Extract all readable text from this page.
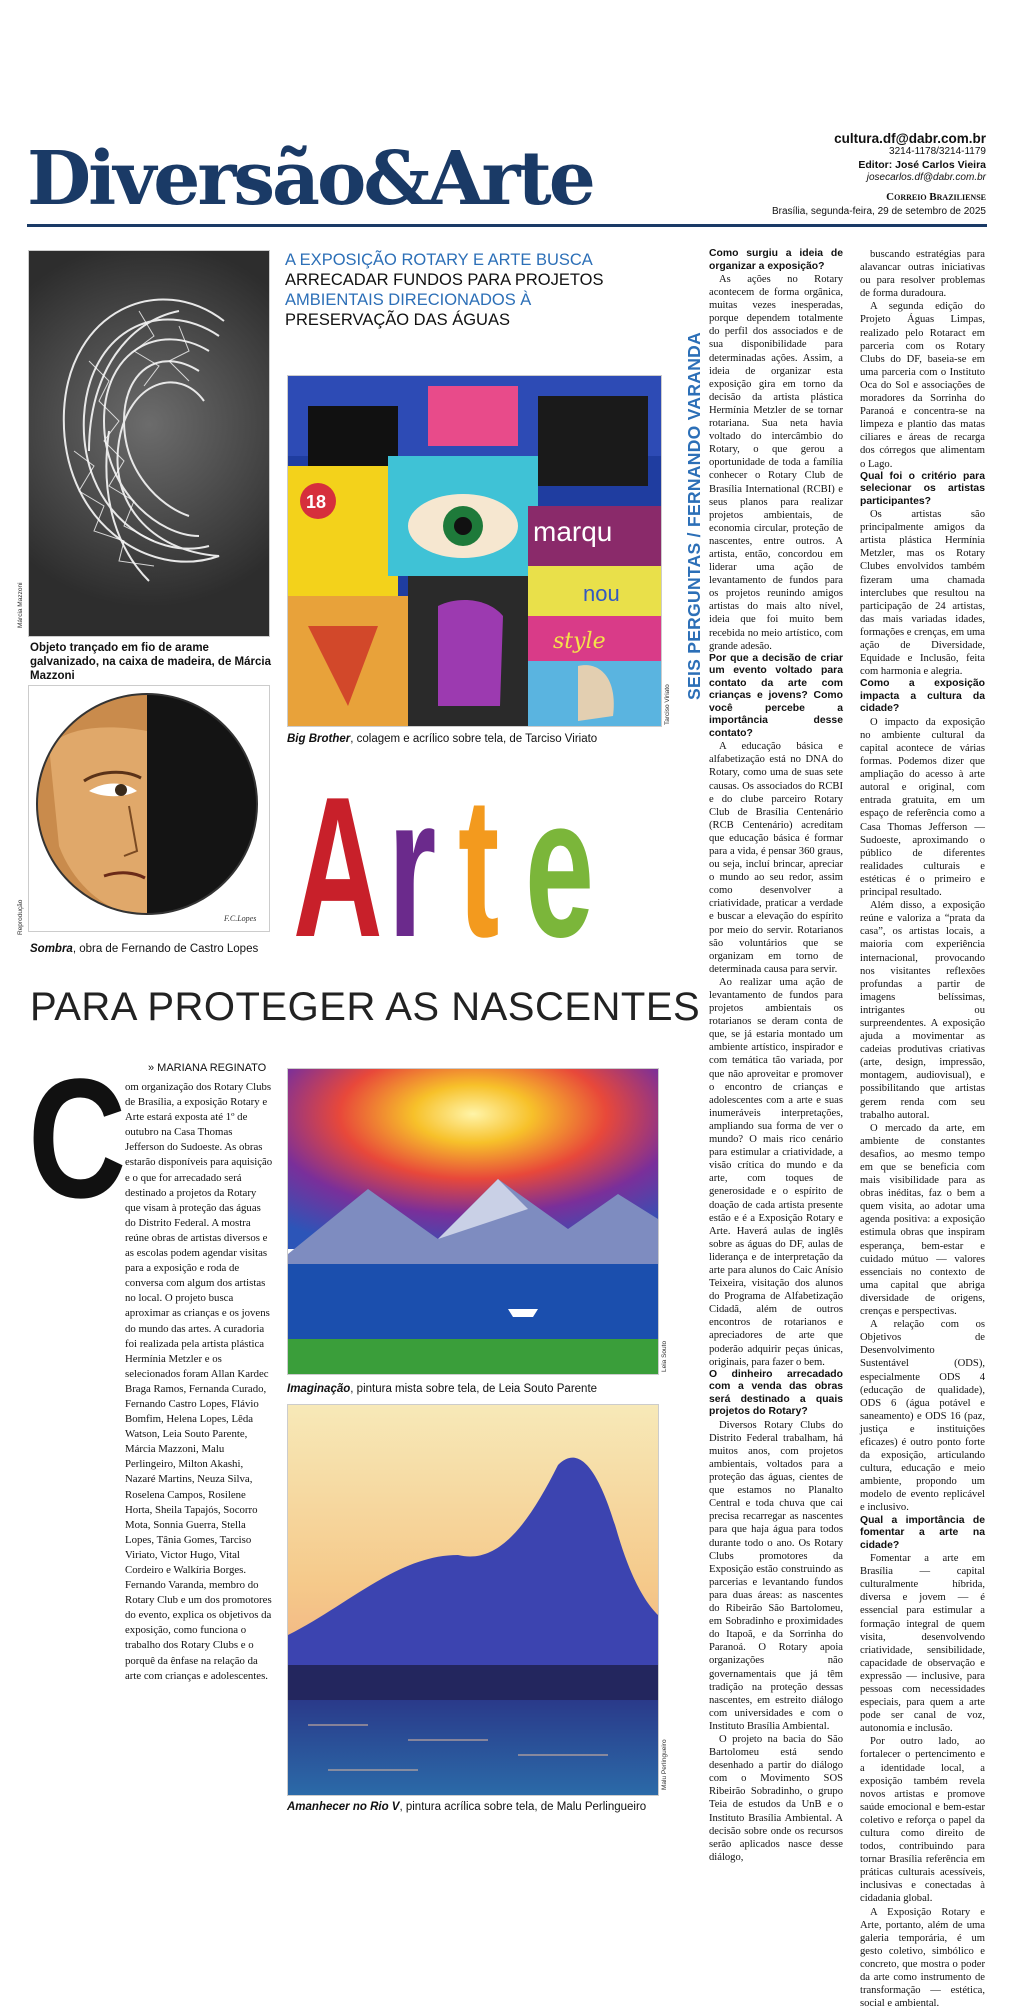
Diversão&Arte	cultura.df@dabr.com.br
3214-1178/3214-1179
Editor: José Carlos Vieira
josecarlos.df@dabr.com.br
Correio Braziliense
Brasília, segunda-feira, 29 de setembro de 2025
Márcia Mazzoni
Objeto trançado em fio de arame galvanizado, na caixa de madeira, de Márcia Mazzoni
F.C.Lopes
Reprodução
Sombra, obra de Fernando de Castro Lopes
A EXPOSIÇÃO ROTARY E ARTE BUSCA
ARRECADAR FUNDOS PARA PROJETOS
AMBIENTAIS DIRECIONADOS À
PRESERVAÇÃO DAS ÁGUAS
18
marqu
nou
style
Tarciso Viriato
Big Brother, colagem e acrílico sobre tela, de Tarciso Viriato
A r t e
PARA PROTEGER AS NASCENTES
SEIS PERGUNTAS / FERNANDO VARANDA
» MARIANA REGINATO
C
om organização dos Rotary Clubs de Brasília, a exposição Rotary e Arte estará exposta até 1º de outubro na Casa Thomas Jefferson do Sudoeste. As obras estarão disponíveis para aquisição e o que for arrecadado será destinado a projetos da Rotary que visam à proteção das águas do Distrito Federal. A mostra reúne obras de artistas diversos e as escolas podem agendar visitas para a exposição e roda de conversa com algum dos artistas no local. O projeto busca aproximar as crianças e os jovens do mundo das artes. A curadoria foi realizada pela artista plástica Hermínia Metzler e os selecionados foram Allan Kardec Braga Ramos, Fernanda Curado, Fernando Castro Lopes, Flávio Bomfim, Helena Lopes, Lêda Watson, Leia Souto Parente, Márcia Mazzoni, Malu Perlingeiro, Milton Akashi, Nazaré Martins, Neuza Silva, Roselena Campos, Rosilene Horta, Sheila Tapajós, Socorro Mota, Sonnia Guerra, Stella Lopes, Tânia Gomes, Tarciso Viriato, Victor Hugo, Vital Cordeiro e Walkíria Borges. Fernando Varanda, membro do Rotary Club e um dos promotores do evento, explica os objetivos da exposição, como funciona o trabalho dos Rotary Clubs e o porquê da ênfase na relação da arte com crianças e adolescentes.
Leia Souto
Imaginação, pintura mista sobre tela, de Leia Souto Parente
Malu Perlingueiro
Amanhecer no Rio V, pintura acrílica sobre tela, de Malu Perlingueiro

Como surgiu a ideia de organizar a exposição?

As ações no Rotary acontecem de forma orgânica, muitas vezes inesperadas, porque dependem totalmente do perfil dos associados e de sua disponibilidade para determinadas ações. Assim, a ideia de organizar esta exposição gira em torno da decisão da artista plástica Hermínia Metzler de se tornar rotariana. Sua neta havia voltado do intercâmbio do Rotary, o que gerou a oportunidade de toda a família conhecer o Rotary Club de Brasília International (RCBI) e seus planos para realizar projetos ambientais, de economia circular, proteção de nascentes, entre outros. A artista, então, concordou em liderar uma ação de levantamento de fundos para os projetos reunindo amigos artistas do mais alto nível, ideia que foi muito bem recebida no meio artístico, com grande adesão.

Por que a decisão de criar um evento voltado para contato da arte com crianças e jovens? Como você percebe a importância desse contato?

A educação básica e alfabetização está no DNA do Rotary, como uma de suas sete causas. Os associados do RCBI e do clube parceiro Rotary Club de Brasília Centenário (RCB Centenário) acreditam que educação básica é formar para a vida, é pensar 360 graus, ou seja, incluí brincar, apreciar o mundo ao seu redor, assim como desenvolver a criatividade, praticar a verdade e buscar a elevação do espírito por meio do servir. Rotarianos são voluntários que se organizam em torno de determinada causa para servir.

Ao realizar uma ação de levantamento de fundos para projetos ambientais os rotarianos se deram conta de que, se já estaria montado um ambiente artístico, inspirador e com temática tão variada, por que não aproveitar e promover o encontro de crianças e adolescentes com a arte e suas inumeráveis interpretações, ampliando sua forma de ver o mundo? O mais rico cenário para estimular a criatividade, a visão crítica do mundo e da arte, com toques de generosidade e o espírito de doação de cada artista presente estão e é a Exposição Rotary e Arte. Haverá aulas de inglês sobre as águas do DF, aulas de liderança e de interpretação da arte para alunos do Caic Anísio Teixeira, visitação dos alunos do Programa de Alfabetização Cidadã, além de outros encontros de rotarianos e apreciadores de arte que poderão adquirir peças únicas, originais, para fazer o bem.

O dinheiro arrecadado com a venda das obras será destinado a quais projetos do Rotary?

Diversos Rotary Clubs do Distrito Federal trabalham, há muitos anos, com projetos ambientais, voltados para a proteção das águas, cientes de que estamos no Planalto Central e toda chuva que cai precisa recarregar as nascentes para que haja água para todos durante todo o ano. Os Rotary Clubs promotores da Exposição estão construindo as parcerias e levantando fundos para duas áreas: as nascentes do Ribeirão São Bartolomeu, em Sobradinho e proximidades do Itapoã, e da Sorrinha do Paranoá. O Rotary apoia organizações não governamentais que já têm tradição na proteção dessas nascentes, em estreito diálogo com universidades e com o Instituto Brasília Ambiental.

O projeto na bacia do São Bartolomeu está sendo desenhado a partir do diálogo com o Movimento SOS Ribeirão Sobradinho, o grupo Teia de estudos da UnB e o Instituto Brasília Ambiental. A decisão sobre onde os recursos serão aplicados nasce desse diálogo,

buscando estratégias para alavancar outras iniciativas ou para resolver problemas de forma duradoura.

A segunda edição do Projeto Águas Limpas, realizado pelo Rotaract em parceria com os Rotary Clubs do DF, baseia-se em uma parceria com o Instituto Oca do Sol e associações de moradores da Sorrinha do Paranoá e concentra-se na limpeza e plantio das matas ciliares e áreas de recarga dos córregos que alimentam o Lago.

Qual foi o critério para selecionar os artistas participantes?

Os artistas são principalmente amigos da artista plástica Hermínia Metzler, mas os Rotary Clubes envolvidos também fizeram uma chamada interclubes que resultou na participação de 24 artistas, das mais variadas idades, formações e crenças, em uma ação de Diversidade, Equidade e Inclusão, feita com harmonia e alegria.

Como a exposição impacta a cultura da cidade?

O impacto da exposição no ambiente cultural da capital acontece de várias formas. Podemos dizer que ampliação do acesso à arte autoral e original, com entrada gratuita, em um espaço de referência como a Casa Thomas Jefferson — Sudoeste, aproximando o público de diferentes realidades culturais e estéticas é o primeiro e principal resultado.

Além disso, a exposição reúne e valoriza a “prata da casa”, os artistas locais, a maioria com experiência internacional, provocando nos visitantes reflexões profundas a partir de imagens belíssimas, intrigantes ou surpreendentes. A exposição ajuda a movimentar as cadeias produtivas criativas (arte, design, impressão, montagem, audiovisual), e possibilitando que artistas gerem renda com seu trabalho autoral.

O mercado da arte, em ambiente de constantes desafios, ao mesmo tempo em que se beneficia com mais visibilidade para as obras inéditas, faz o bem a quem visita, ao adotar uma agenda positiva: a exposição estimula obras que inspiram esperança, bem-estar e cuidado mútuo — valores essenciais no contexto de uma capital que abriga diversidade de origens, crenças e perspectivas.

A relação com os Objetivos de Desenvolvimento Sustentável (ODS), especialmente ODS 4 (educação de qualidade), ODS 6 (água potável e saneamento) e ODS 16 (paz, justiça e instituições eficazes) é outro ponto forte da exposição, articulando cultura, educação e meio ambiente, propondo um modelo de evento replicável e inclusivo.

Qual a importância de fomentar a arte na cidade?

Fomentar a arte em Brasília — capital culturalmente híbrida, diversa e jovem — é essencial para estimular a formação integral de quem visita, desenvolvendo criatividade, sensibilidade, capacidade de observação e expressão — inclusive, para pessoas com necessidades especiais, para quem a arte pode ser canal de voz, autonomia e inclusão.

Por outro lado, ao fortalecer o pertencimento e a identidade local, a exposição também revela novos artistas e promove saúde emocional e bem-estar coletivo e reforça o papel da cultura como direito de todos, contribuindo para tornar Brasília referência em práticas culturais acessíveis, inclusivas e conectadas à cidadania global.

A Exposição Rotary e Arte, portanto, além de uma galeria temporária, é um gesto coletivo, simbólico e concreto, que mostra o poder da arte como instrumento de transformação — estética, social e ambiental.
